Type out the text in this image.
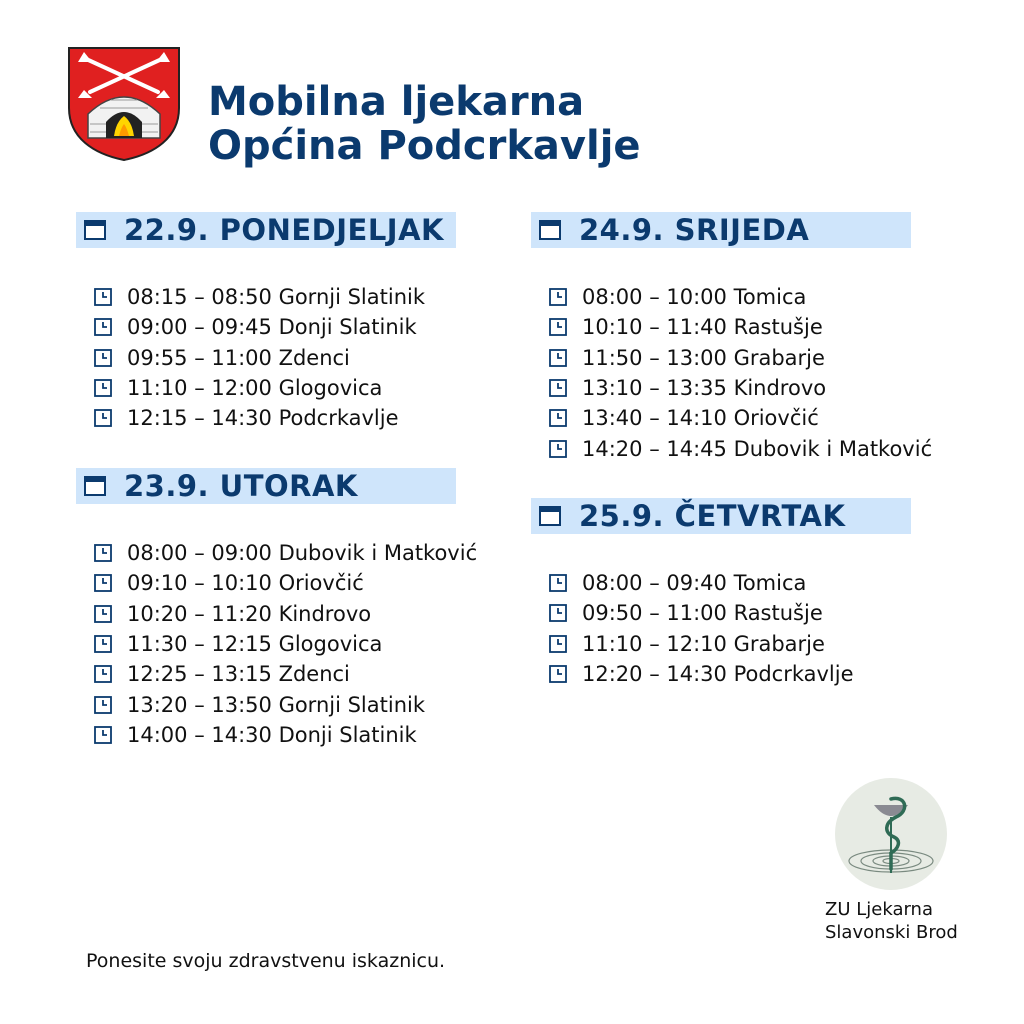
Mobilna ljekarna
Općina Podcrkavlje
22.9. PONEDJELJAK
08:15 – 08:50 Gornji Slatinik
09:00 – 09:45 Donji Slatinik
09:55 – 11:00 Zdenci
11:10 – 12:00 Glogovica
12:15 – 14:30 Podcrkavlje
23.9. UTORAK
08:00 – 09:00 Dubovik i Matković
09:10 – 10:10 Oriovčić
10:20 – 11:20 Kindrovo
11:30 – 12:15 Glogovica
12:25 – 13:15 Zdenci
13:20 – 13:50 Gornji Slatinik
14:00 – 14:30 Donji Slatinik
24.9. SRIJEDA
08:00 – 10:00 Tomica
10:10 – 11:40 Rastušje
11:50 – 13:00 Grabarje
13:10 – 13:35 Kindrovo
13:40 – 14:10 Oriovčić
14:20 – 14:45 Dubovik i Matković
25.9. ČETVRTAK
08:00 – 09:40 Tomica
09:50 – 11:00 Rastušje
11:10 – 12:10 Grabarje
12:20 – 14:30 Podcrkavlje
ZU Ljekarna
Slavonski Brod
Ponesite svoju zdravstvenu iskaznicu.
